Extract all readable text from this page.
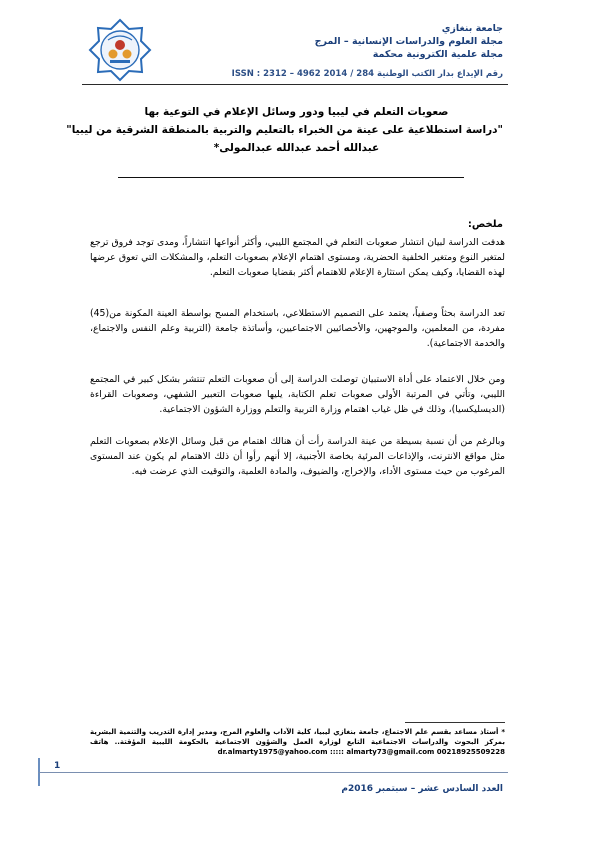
جامعة بنغازي
مجلة العلوم والدراسات الإنسانية – المرج
مجلة علمية الكترونية محكمة
رقم الإيداع بدار الكتب الوطنية 284 / 2014 ISSN : 2312 – 4962
صعوبات التعلم في ليبيا ودور وسائل الإعلام في التوعية بها
"دراسة استطلاعية على عينة من الخبراء بالتعليم والتربية بالمنطقة الشرقية من ليبيا"
عبدالله أحمد عبدالله عبدالمولى*
ملخص:
هدفت الدراسة لبيان انتشار صعوبات التعلم في المجتمع الليبي، وأكثر أنواعها انتشاراً، ومدى توجد فروق ترجع لمتغير النوع ومتغير الخلفية الحضرية، ومستوى اهتمام الإعلام بصعوبات التعلم، والمشكلات التي تعوق عرضها لهذه القضايا، وكيف يمكن استثارة الإعلام للاهتمام أكثر بقضايا صعوبات التعلم.
تعد الدراسة بحثاً وصفياً، يعتمد على التصميم الاستطلاعي، باستخدام المسح بواسطة العينة المكونة من(45) مفردة، من المعلمين، والموجهين، والأخصائيين الاجتماعيين، وأساتذة جامعة (التربية وعلم النفس والاجتماع، والخدمة الاجتماعية).
ومن خلال الاعتماد على أداة الاستبيان توصلت الدراسة إلى أن صعوبات التعلم تنتشر بشكل كبير في المجتمع الليبي، وتأتي في المرتبة الأولى صعوبات تعلم الكتابة، يليها صعوبات التعبير الشفهي، وصعوبات القراءة (الديسليكسيا)، وذلك في ظل غياب اهتمام وزارة التربية والتعلم ووزارة الشؤون الاجتماعية.
وبالرغم من أن نسبة بسيطة من عينة الدراسة رأت أن هنالك اهتمام من قبل وسائل الإعلام بصعوبات التعلم مثل مواقع الانترنت، والإذاعات المرئية بخاصة الأجنبية، إلا أنهم رأوا أن ذلك الاهتمام لم يكون عند المستوى المرغوب من حيث مستوى الأداء، والإخراج، والضيوف، والمادة العلمية، والتوقيت الذي عرضت فيه.
* أستاذ مساعد بقسم علم الاجتماع، جامعة بنغازي ليبيا، كلية الآداب والعلوم المرج، ومدير إدارة التدريب والتنمية البشرية بمركز البحوث والدراسات الاجتماعية التابع لوزارة العمل والشؤون الاجتماعية بالحكومة الليبية المؤقتة.. هاتف 00218925509228 dr.almarty1975@yahoo.com ::::: almarty73@gmail.com
1
العدد السادس عشر – سبتمبر 2016م
